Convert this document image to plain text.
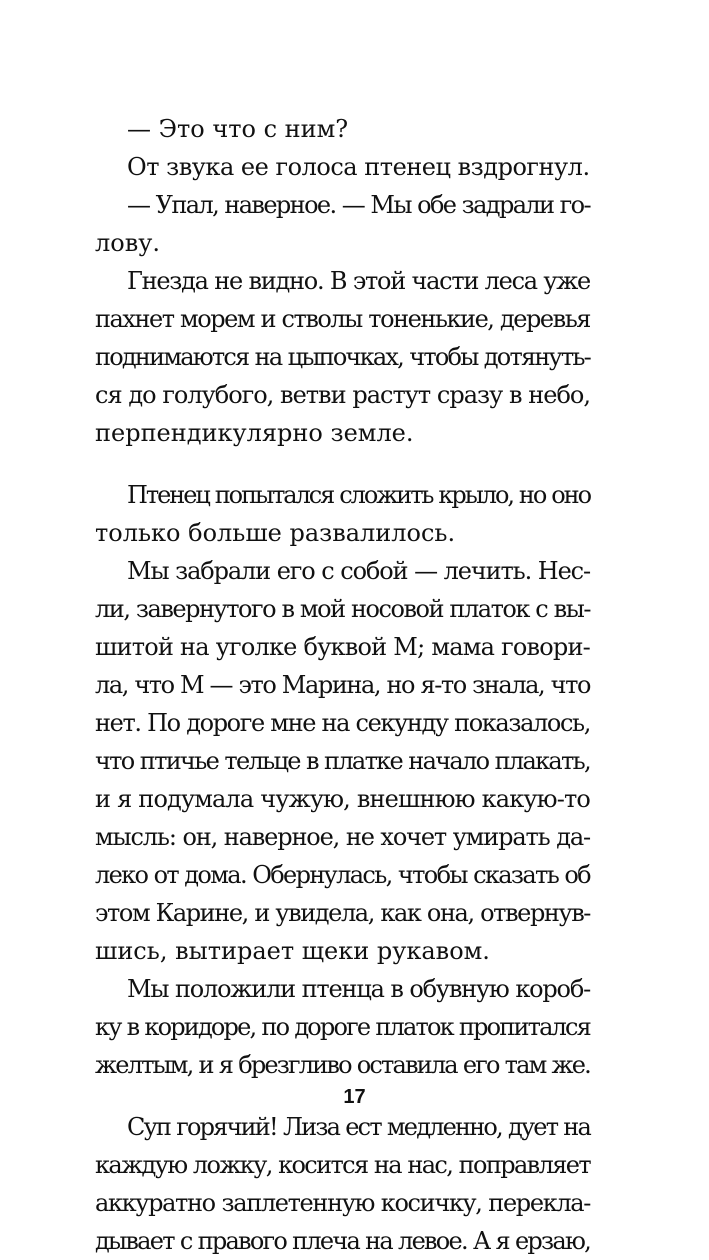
— Это что с ним?
От звука ее голоса птенец вздрогнул.
— Упал, наверное. — Мы обе задрали го-
лову.
Гнезда не видно. В этой части леса уже
пахнет морем и стволы тоненькие, деревья
поднимаются на цыпочках, чтобы дотянуть-
ся до голубого, ветви растут сразу в небо,
перпендикулярно земле.
Птенец попытался сложить крыло, но оно
только больше развалилось.
Мы забрали его с собой — лечить. Нес-
ли, завернутого в мой носовой платок с вы-
шитой на уголке буквой М; мама говори-
ла, что М — это Марина, но я-то знала, что
нет. По дороге мне на секунду показалось,
что птичье тельце в платке начало плакать,
и я подумала чужую, внешнюю какую-то
мысль: он, наверное, не хочет умирать да-
леко от дома. Обернулась, чтобы сказать об
этом Карине, и увидела, как она, отвернув-
шись, вытирает щеки рукавом.
Мы положили птенца в обувную короб-
ку в коридоре, по дороге платок пропитался
желтым, и я брезгливо оставила его там же.
Суп горячий! Лиза ест медленно, дует на
каждую ложку, косится на нас, поправляет
аккуратно заплетенную косичку, перекла-
дывает с правого плеча на левое. А я ерзаю,
17
